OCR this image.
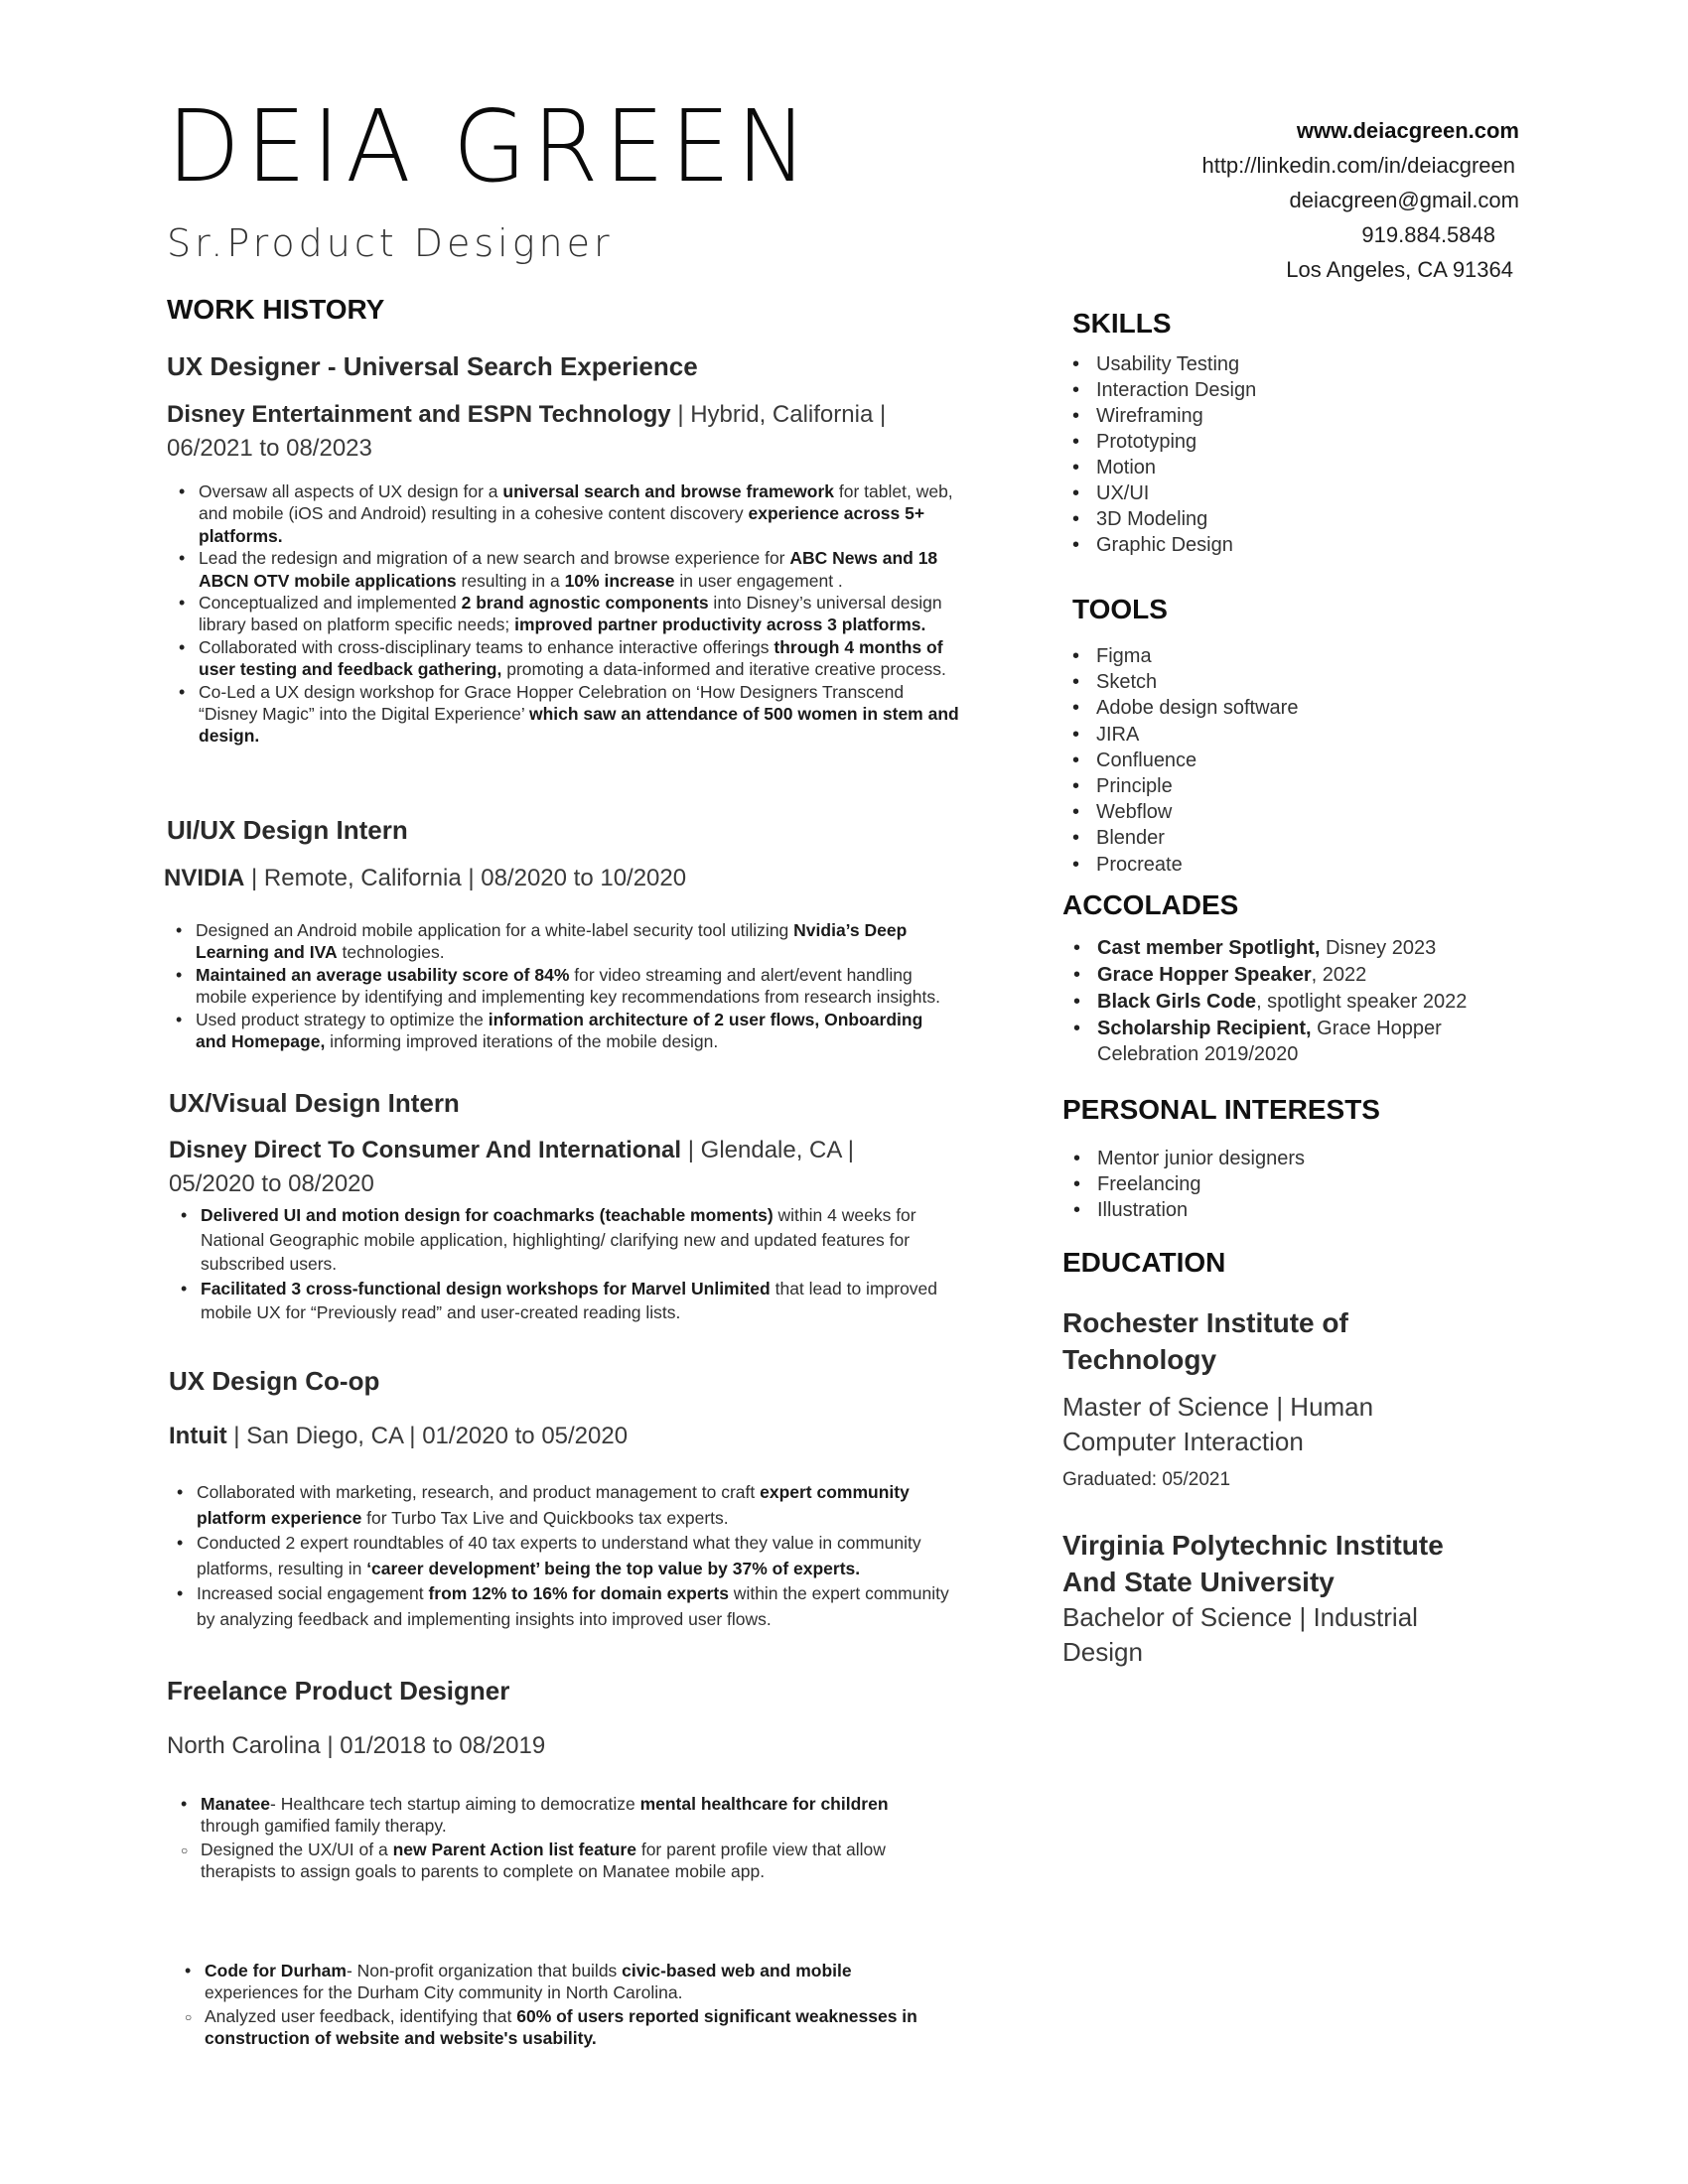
DEIA GREEN
Sr.Product Designer
www.deiacgreen.com
http://linkedin.com/in/deiacgreen
deiacgreen@gmail.com
919.884.5848
Los Angeles, CA 91364
WORK HISTORY
UX Designer - Universal Search Experience
Disney Entertainment and ESPN Technology | Hybrid, California | 06/2021 to 08/2023
• Oversaw all aspects of UX design for a universal search and browse framework for tablet, web, and mobile (iOS and Android) resulting in a cohesive content discovery experience across 5+ platforms.
• Lead the redesign and migration of a new search and browse experience for ABC News and 18 ABCN OTV mobile applications resulting in a 10% increase in user engagement .
• Conceptualized and implemented 2 brand agnostic components into Disney’s universal design library based on platform specific needs; improved partner productivity across 3 platforms.
• Collaborated with cross-disciplinary teams to enhance interactive offerings through 4 months of user testing and feedback gathering, promoting a data-informed and iterative creative process.
• Co-Led a UX design workshop for Grace Hopper Celebration on ‘How Designers Transcend “Disney Magic” into the Digital Experience’ which saw an attendance of 500 women in stem and design.
UI/UX Design Intern
NVIDIA | Remote, California | 08/2020 to 10/2020
• Designed an Android mobile application for a white-label security tool utilizing Nvidia’s Deep Learning and IVA technologies.
• Maintained an average usability score of 84% for video streaming and alert/event handling mobile experience by identifying and implementing key recommendations from research insights.
• Used product strategy to optimize the information architecture of 2 user flows, Onboarding and Homepage, informing improved iterations of the mobile design.
UX/Visual Design Intern
Disney Direct To Consumer And International | Glendale, CA | 05/2020 to 08/2020
• Delivered UI and motion design for coachmarks (teachable moments) within 4 weeks for National Geographic mobile application, highlighting/ clarifying new and updated features for subscribed users.
• Facilitated 3 cross-functional design workshops for Marvel Unlimited that lead to improved mobile UX for “Previously read” and user-created reading lists.
UX Design Co-op
Intuit | San Diego, CA | 01/2020 to 05/2020
• Collaborated with marketing, research, and product management to craft expert community platform experience for Turbo Tax Live and Quickbooks tax experts.
• Conducted 2 expert roundtables of 40 tax experts to understand what they value in community platforms, resulting in ‘career development’ being the top value by 37% of experts.
• Increased social engagement from 12% to 16% for domain experts within the expert community by analyzing feedback and implementing insights into improved user flows.
Freelance Product Designer
North Carolina | 01/2018 to 08/2019
• Manatee- Healthcare tech startup aiming to democratize mental healthcare for children through gamified family therapy.
○ Designed the UX/UI of a new Parent Action list feature for parent profile view that allow therapists to assign goals to parents to complete on Manatee mobile app.
• Code for Durham- Non-profit organization that builds civic-based web and mobile experiences for the Durham City community in North Carolina.
○ Analyzed user feedback, identifying that 60% of users reported significant weaknesses in construction of website and website's usability.
SKILLS
• Usability Testing
• Interaction Design
• Wireframing
• Prototyping
• Motion
• UX/UI
• 3D Modeling
• Graphic Design
TOOLS
• Figma
• Sketch
• Adobe design software
• JIRA
• Confluence
• Principle
• Webflow
• Blender
• Procreate
ACCOLADES
• Cast member Spotlight, Disney 2023
• Grace Hopper Speaker, 2022
• Black Girls Code, spotlight speaker 2022
• Scholarship Recipient, Grace Hopper Celebration 2019/2020
PERSONAL INTERESTS
• Mentor junior designers
• Freelancing
• Illustration
EDUCATION
Rochester Institute of Technology
Master of Science | Human Computer Interaction
Graduated: 05/2021
Virginia Polytechnic Institute And State University
Bachelor of Science | Industrial Design
